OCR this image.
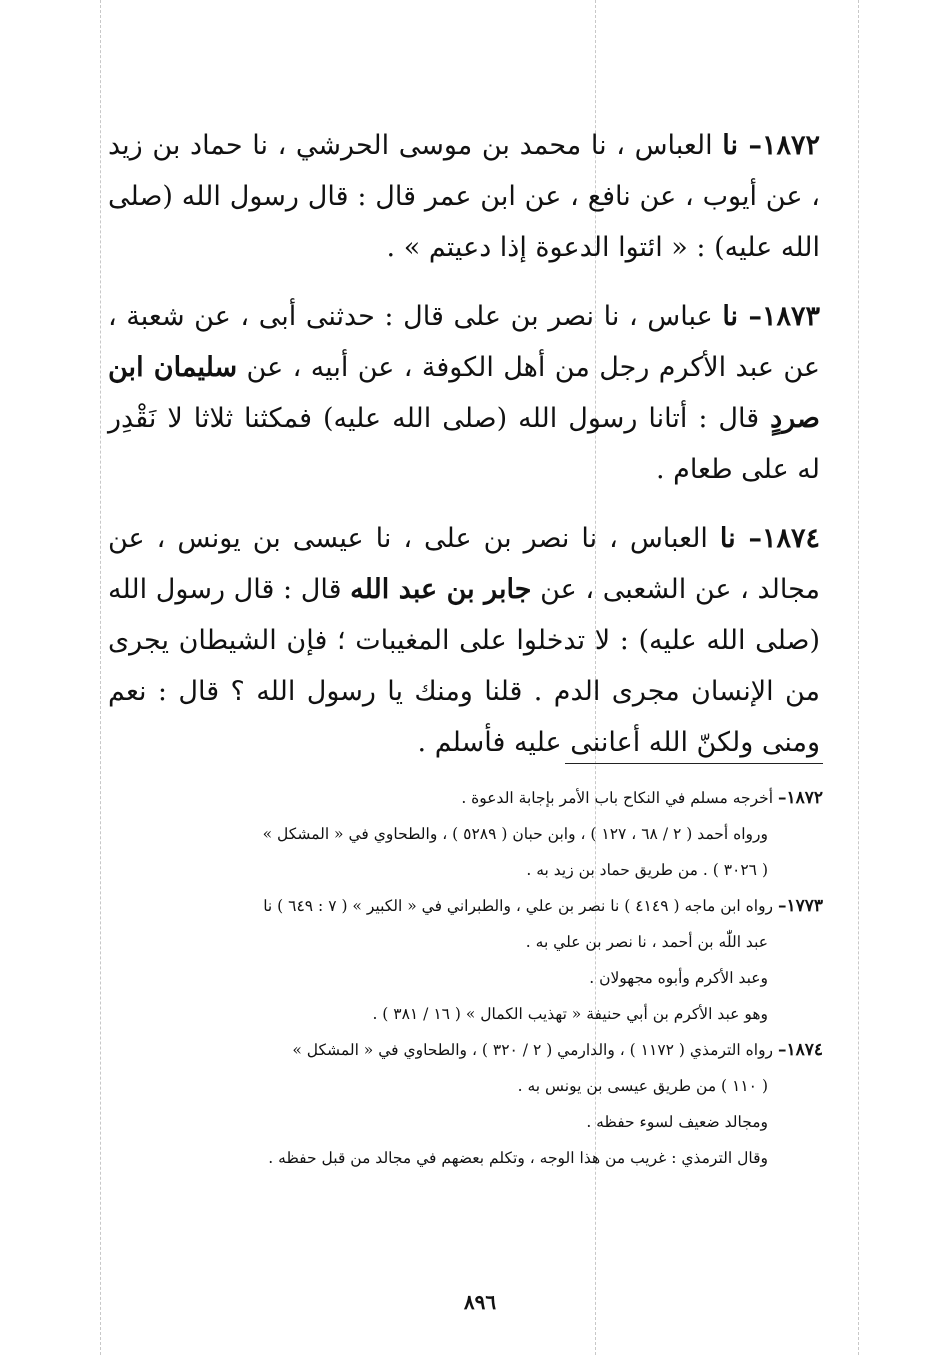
١٨٧٢– نا العباس ، نا محمد بن موسى الحرشي ، نا حماد بن زيد ، عن أيوب ، عن نافع ، عن ابن عمر قال : قال رسول الله (صلى الله عليه) : « ائتوا الدعوة إذا دعيتم » .

١٨٧٣– نا عباس ، نا نصر بن على قال : حدثنى أبى ، عن شعبة ، عن عبد الأكرم رجل من أهل الكوفة ، عن أبيه ، عن سليمان ابن صردٍ قال : أتانا رسول الله (صلى الله عليه) فمكثنا ثلاثا لا نَقْدِر له على طعام .

١٨٧٤– نا العباس ، نا نصر بن على ، نا عيسى بن يونس ، عن مجالد ، عن الشعبى ، عن جابر بن عبد الله قال : قال رسول الله (صلى الله عليه) : لا تدخلوا على المغيبات ؛ فإن الشيطان يجرى من الإنسان مجرى الدم . قلنا ومنك يا رسول الله ؟ قال : نعم ومنى ولكنّ الله أعاننى عليه فأسلم .

١٨٧٢– أخرجه مسلم في النكاح باب الأمر بإجابة الدعوة .
ورواه أحمد ( ٢ / ٦٨ ، ١٢٧ ) ، وابن حبان ( ٥٢٨٩ ) ، والطحاوي في « المشكل »
( ٣٠٢٦ ) . من طريق حماد بن زيد به .
١٧٧٣– رواه ابن ماجه ( ٤١٤٩ ) نا نصر بن علي ، والطبراني في « الكبير » ( ٧ : ٦٤٩ ) نا
عبد اللّٰه بن أحمد ، نا نصر بن علي به .
وعبد الأكرم وأبوه مجهولان .
وهو عبد الأكرم بن أبي حنيفة « تهذيب الكمال » ( ١٦ / ٣٨١ ) .
١٨٧٤– رواه الترمذي ( ١١٧٢ ) ، والدارمي ( ٢ / ٣٢٠ ) ، والطحاوي في « المشكل »
( ١١٠ ) من طريق عيسى بن يونس به .
ومجالد ضعيف لسوء حفظه .
وقال الترمذي : غريب من هذا الوجه ، وتكلم بعضهم في مجالد من قبل حفظه .
٨٩٦
